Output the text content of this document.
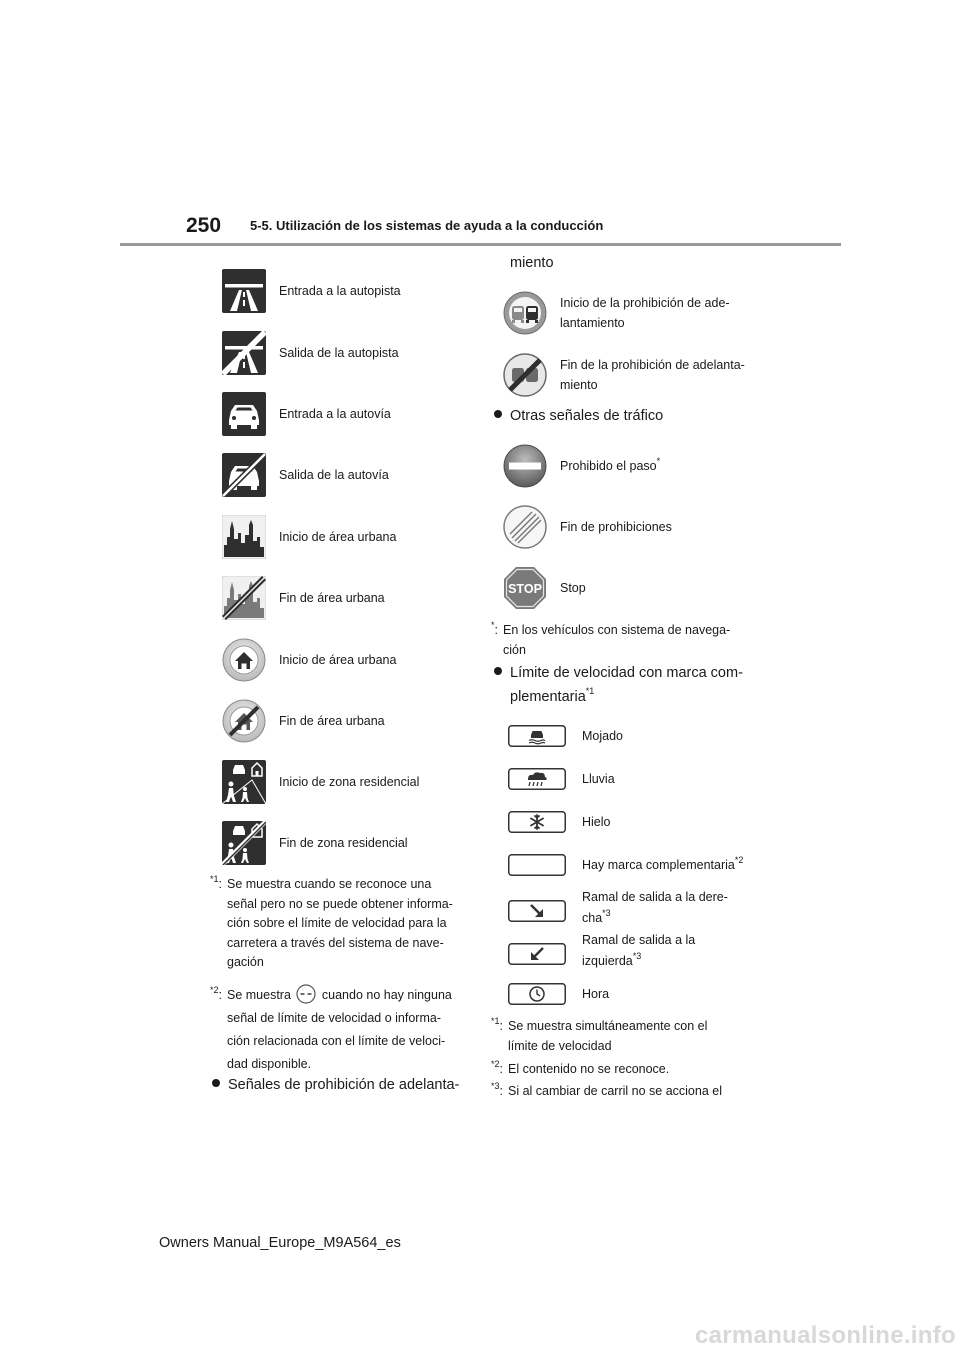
250 5-5. Utilización de los sistemas de ayuda a la conducción
Entrada a la autopista
Salida de la autopista
Entrada a la autovía
Salida de la autovía
Inicio de área urbana
Fin de área urbana
Inicio de área urbana
Fin de área urbana
Inicio de zona residencial
Fin de zona residencial
$^{*1}$: Se muestra cuando se reconoce una
señal pero no se puede obtener informa-
ción sobre el límite de velocidad para la
carretera a través del sistema de nave-
gación
$^{*2}$: Se muestra cuando no hay ninguna
señal de límite de velocidad o informa-
ción relacionada con el límite de veloci-
dad disponible.
Señales de prohibición de adelanta-
miento
Inicio de la prohibición de ade-
lantamiento
Fin de la prohibición de adelanta-
miento
Otras señales de tráfico
Prohibido el paso*
Fin de prohibiciones
STOP Stop
*: En los vehículos con sistema de navega-
ción
Límite de velocidad con marca com-
plementaria$^{*1}$
Mojado
Lluvia
Hielo
Hay marca complementaria$^{*2}$
Ramal de salida a la dere-
cha$^{*3}$
Ramal de salida a la
izquierda$^{*3}$
Hora
$^{*1}$: Se muestra simultáneamente con el
límite de velocidad
$^{*2}$: El contenido no se reconoce.
$^{*3}$: Si al cambiar de carril no se acciona el
Owners Manual_Europe_M9A564_es
carmanualsonline.info
